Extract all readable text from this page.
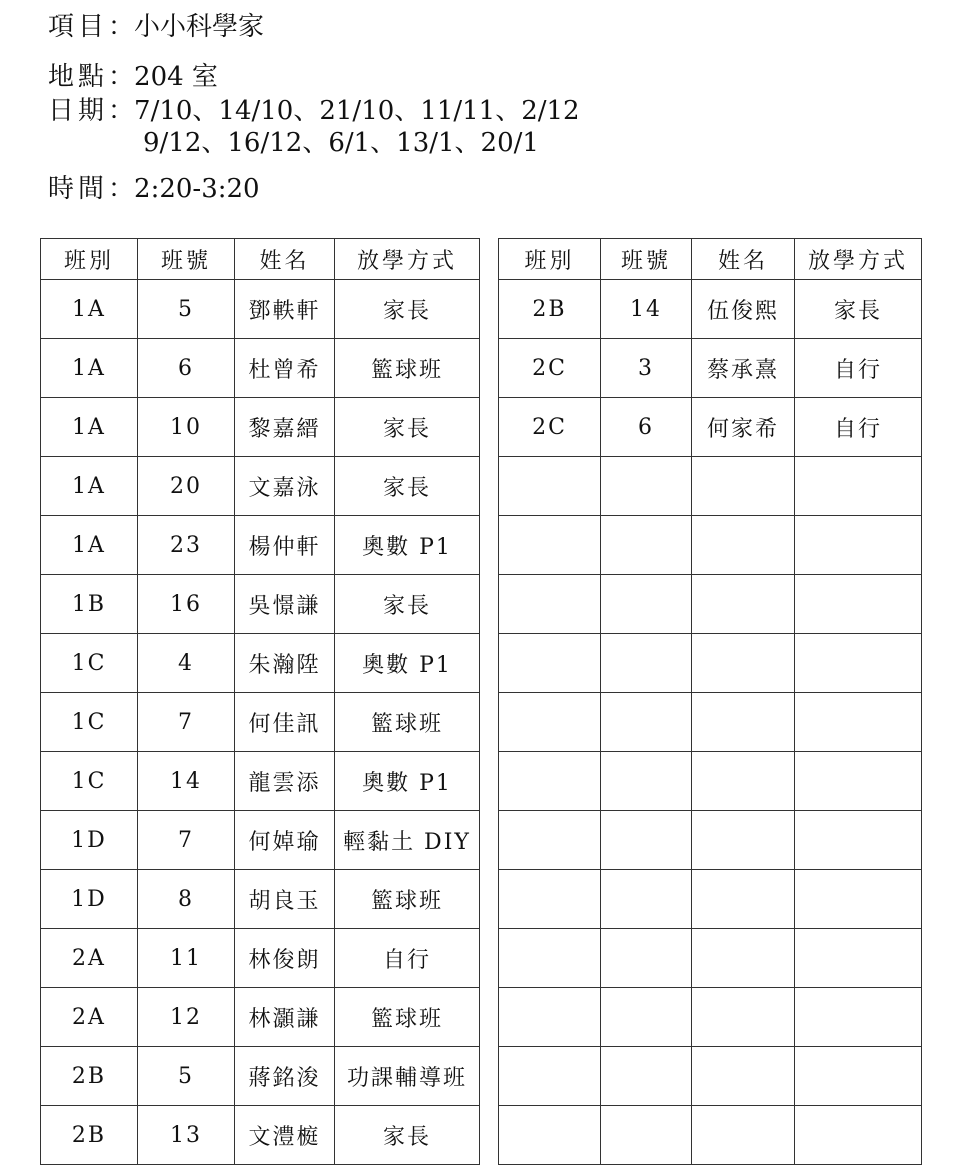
項目：小小科學家
地點：204 室
日期：7/10、14/10、21/10、11/11、2/12
9/12、16/12、6/1、13/1、20/1
時間：2:20-3:20
班別	班號	姓名	放學方式
1A	5	鄧軼軒	家長
1A	6	杜曾希	籃球班
1A	10	黎嘉縉	家長
1A	20	文嘉泳	家長
1A	23	楊仲軒	奧數 P1
1B	16	吳憬謙	家長
1C	4	朱瀚陞	奧數 P1
1C	7	何佳訊	籃球班
1C	14	龍雲添	奧數 P1
1D	7	何婥瑜	輕黏土 DIY
1D	8	胡良玉	籃球班
2A	11	林俊朗	自行
2A	12	林灝謙	籃球班
2B	5	蔣銘浚	功課輔導班
2B	13	文澧榳	家長
班別	班號	姓名	放學方式
2B	14	伍俊熙	家長
2C	3	蔡承熹	自行
2C	6	何家希	自行
